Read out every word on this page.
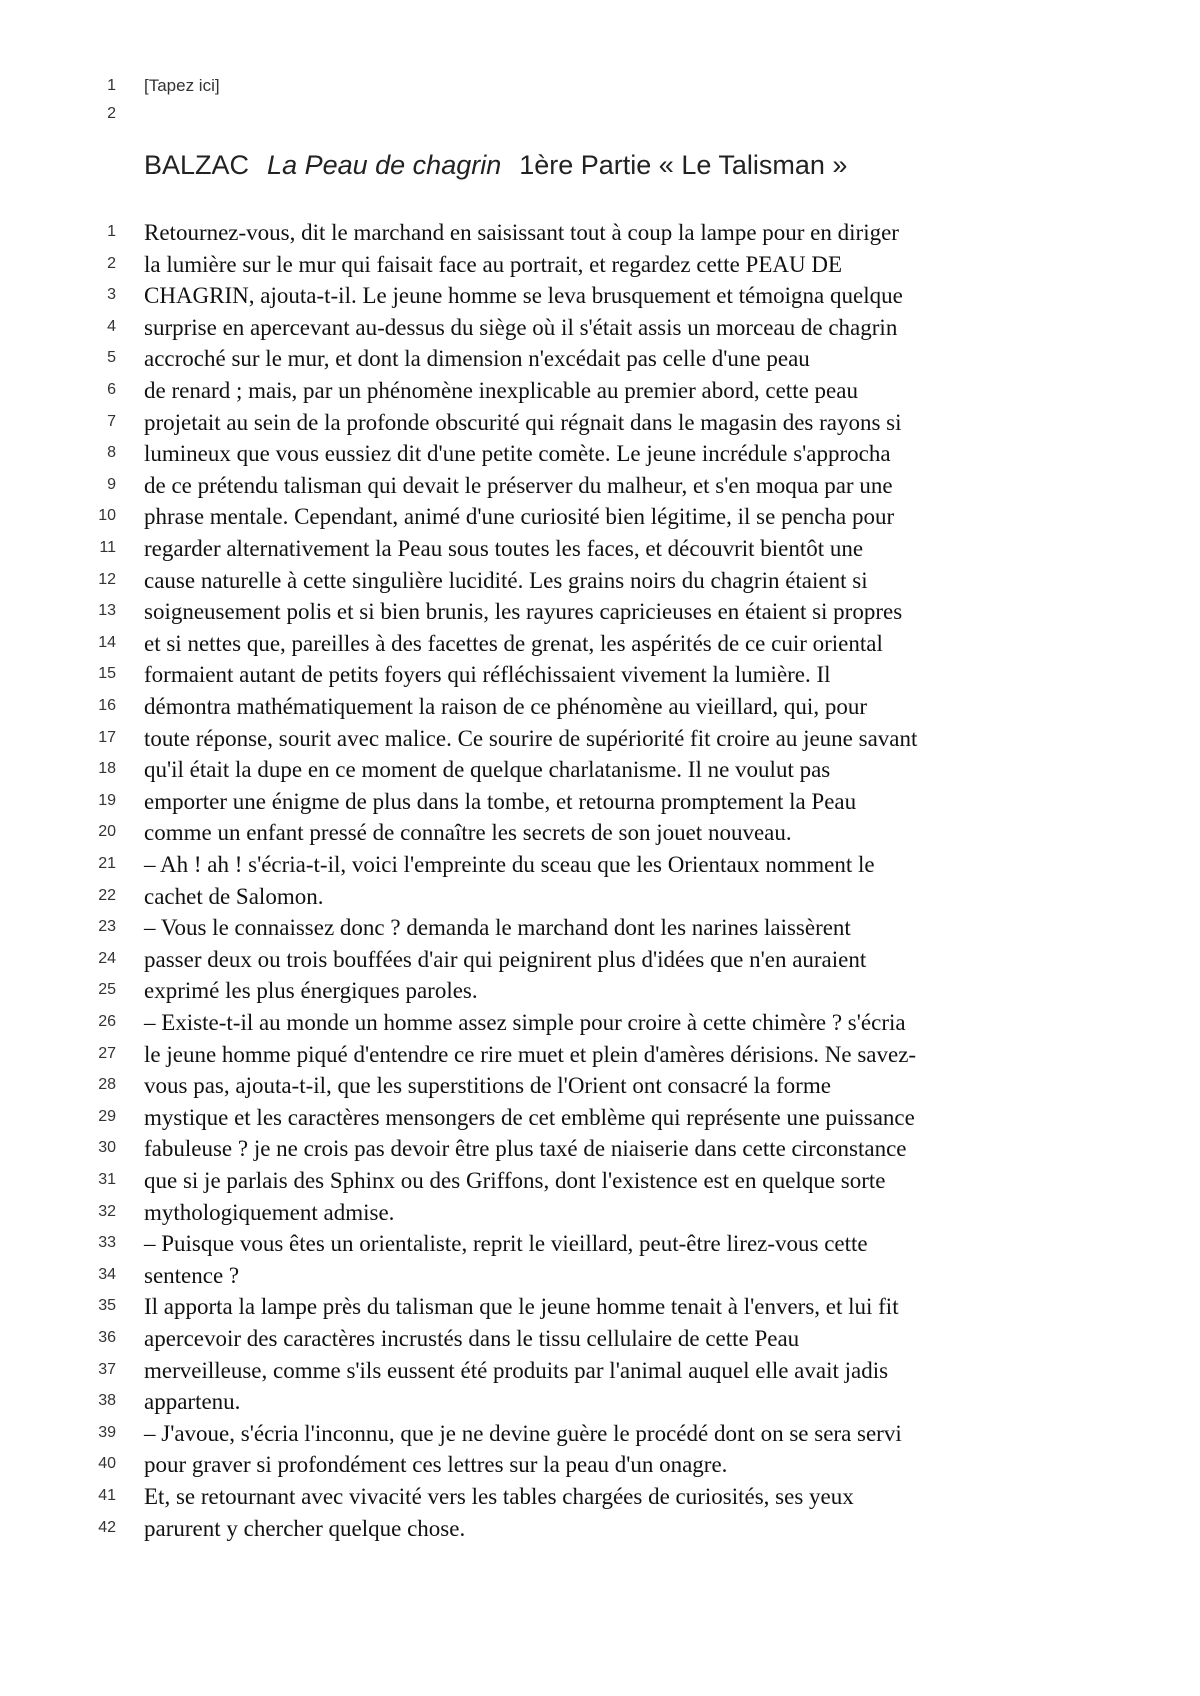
1 [Tapez ici]
2
BALZAC La Peau de chagrin 1ère Partie « Le Talisman »
1 Retournez-vous, dit le marchand en saisissant tout à coup la lampe pour en diriger
2 la lumière sur le mur qui faisait face au portrait, et regardez cette PEAU DE
3 CHAGRIN, ajouta-t-il. Le jeune homme se leva brusquement et témoigna quelque
4 surprise en apercevant au-dessus du siège où il s'était assis un morceau de chagrin
5 accroché sur le mur, et dont la dimension n'excédait pas celle d'une peau
6 de renard ; mais, par un phénomène inexplicable au premier abord, cette peau
7 projetait au sein de la profonde obscurité qui régnait dans le magasin des rayons si
8 lumineux que vous eussiez dit d'une petite comète. Le jeune incrédule s'approcha
9 de ce prétendu talisman qui devait le préserver du malheur, et s'en moqua par une
10 phrase mentale. Cependant, animé d'une curiosité bien légitime, il se pencha pour
11 regarder alternativement la Peau sous toutes les faces, et découvrit bientôt une
12 cause naturelle à cette singulière lucidité. Les grains noirs du chagrin étaient si
13 soigneusement polis et si bien brunis, les rayures capricieuses en étaient si propres
14 et si nettes que, pareilles à des facettes de grenat, les aspérités de ce cuir oriental
15 formaient autant de petits foyers qui réfléchissaient vivement la lumière. Il
16 démontra mathématiquement la raison de ce phénomène au vieillard, qui, pour
17 toute réponse, sourit avec malice. Ce sourire de supériorité fit croire au jeune savant
18 qu'il était la dupe en ce moment de quelque charlatanisme. Il ne voulut pas
19 emporter une énigme de plus dans la tombe, et retourna promptement la Peau
20 comme un enfant pressé de connaître les secrets de son jouet nouveau.
21 – Ah ! ah ! s'écria-t-il, voici l'empreinte du sceau que les Orientaux nomment le
22 cachet de Salomon.
23 – Vous le connaissez donc ? demanda le marchand dont les narines laissèrent
24 passer deux ou trois bouffées d'air qui peignirent plus d'idées que n'en auraient
25 exprimé les plus énergiques paroles.
26 – Existe-t-il au monde un homme assez simple pour croire à cette chimère ? s'écria
27 le jeune homme piqué d'entendre ce rire muet et plein d'amères dérisions. Ne savez-
28 vous pas, ajouta-t-il, que les superstitions de l'Orient ont consacré la forme
29 mystique et les caractères mensongers de cet emblème qui représente une puissance
30 fabuleuse ? je ne crois pas devoir être plus taxé de niaiserie dans cette circonstance
31 que si je parlais des Sphinx ou des Griffons, dont l'existence est en quelque sorte
32 mythologiquement admise.
33 – Puisque vous êtes un orientaliste, reprit le vieillard, peut-être lirez-vous cette
34 sentence ?
35 Il apporta la lampe près du talisman que le jeune homme tenait à l'envers, et lui fit
36 apercevoir des caractères incrustés dans le tissu cellulaire de cette Peau
37 merveilleuse, comme s'ils eussent été produits par l'animal auquel elle avait jadis
38 appartenu.
39 – J'avoue, s'écria l'inconnu, que je ne devine guère le procédé dont on se sera servi
40 pour graver si profondément ces lettres sur la peau d'un onagre.
41 Et, se retournant avec vivacité vers les tables chargées de curiosités, ses yeux
42 parurent y chercher quelque chose.
